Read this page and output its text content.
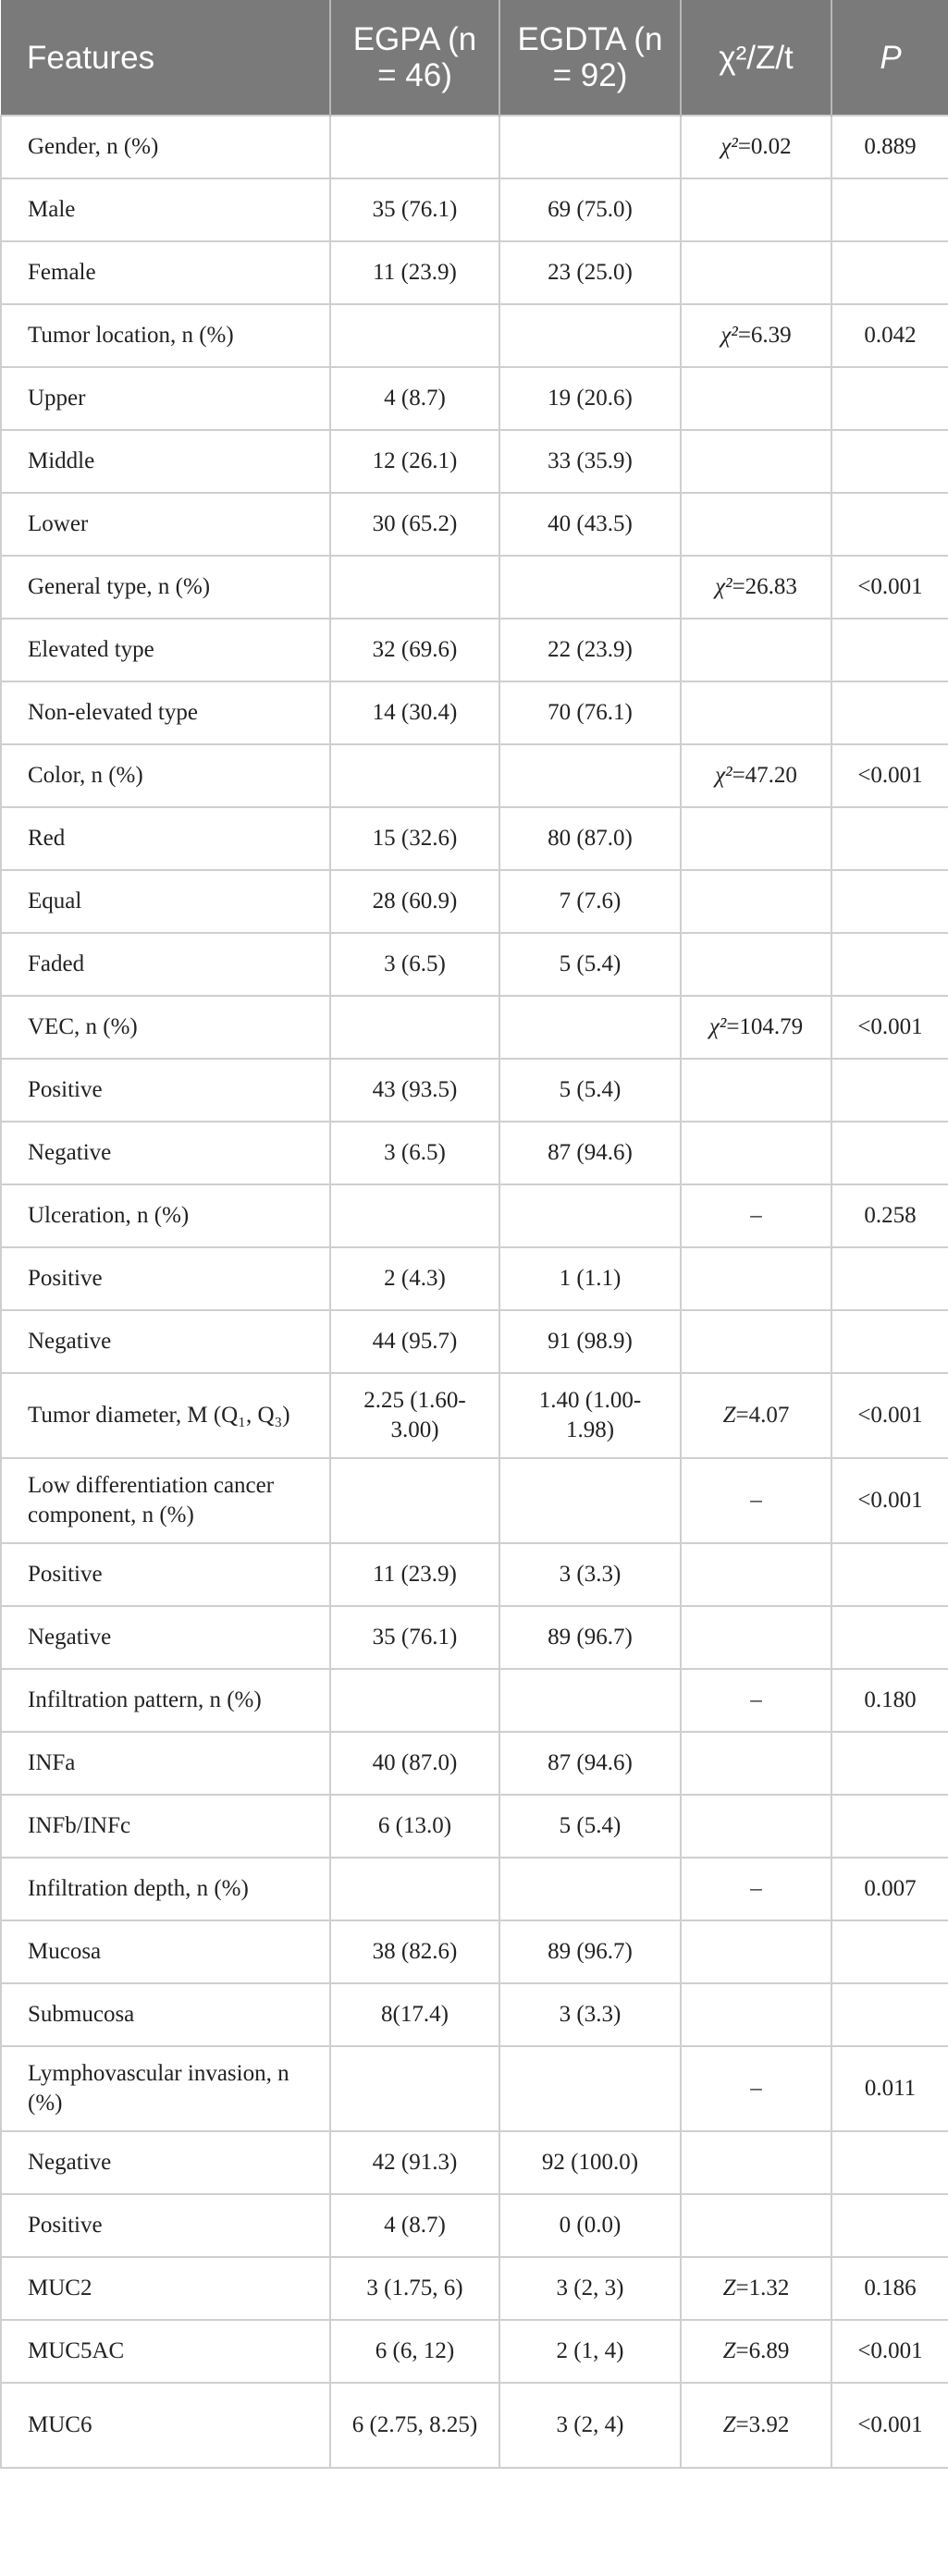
Features	EGPA (n = 46)	EGDTA (n = 92)	χ²/Z/t	P
Gender, n (%)			χ²=0.02	0.889
Male	35 (76.1)	69 (75.0)		
Female	11 (23.9)	23 (25.0)		
Tumor location, n (%)			χ²=6.39	0.042
Upper	4 (8.7)	19 (20.6)		
Middle	12 (26.1)	33 (35.9)		
Lower	30 (65.2)	40 (43.5)		
General type, n (%)			χ²=26.83	<0.001
Elevated type	32 (69.6)	22 (23.9)		
Non-elevated type	14 (30.4)	70 (76.1)		
Color, n (%)			χ²=47.20	<0.001
Red	15 (32.6)	80 (87.0)		
Equal	28 (60.9)	7 (7.6)		
Faded	3 (6.5)	5 (5.4)		
VEC, n (%)			χ²=104.79	<0.001
Positive	43 (93.5)	5 (5.4)		
Negative	3 (6.5)	87 (94.6)		
Ulceration, n (%)			–	0.258
Positive	2 (4.3)	1 (1.1)		
Negative	44 (95.7)	91 (98.9)		
Tumor diameter, M (Q₁, Q₃)	2.25 (1.60- 3.00)	1.40 (1.00- 1.98)	Z=4.07	<0.001
Low differentiation cancer component, n (%)			–	<0.001
Positive	11 (23.9)	3 (3.3)		
Negative	35 (76.1)	89 (96.7)		
Infiltration pattern, n (%)			–	0.180
INFa	40 (87.0)	87 (94.6)		
INFb/INFc	6 (13.0)	5 (5.4)		
Infiltration depth, n (%)			–	0.007
Mucosa	38 (82.6)	89 (96.7)		
Submucosa	8(17.4)	3 (3.3)		
Lymphovascular invasion, n (%)			–	0.011
Negative	42 (91.3)	92 (100.0)		
Positive	4 (8.7)	0 (0.0)		
MUC2	3 (1.75, 6)	3 (2, 3)	Z=1.32	0.186
MUC5AC	6 (6, 12)	2 (1, 4)	Z=6.89	<0.001
MUC6	6 (2.75, 8.25)	3 (2, 4)	Z=3.92	<0.001
